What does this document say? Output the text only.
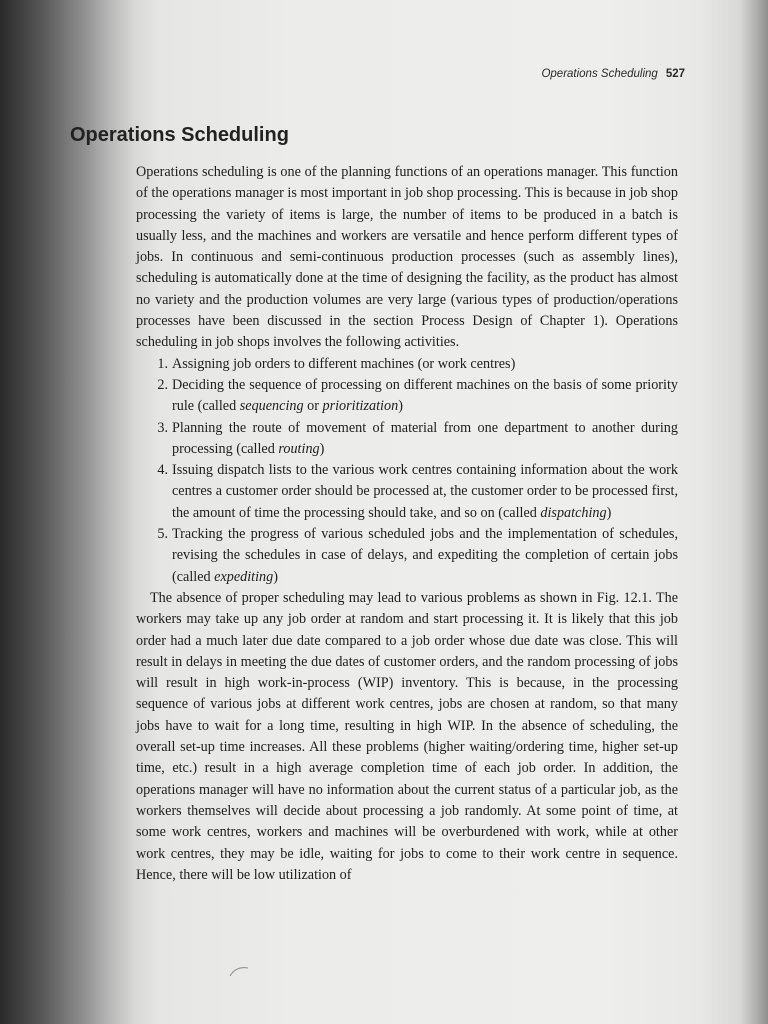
Operations Scheduling 527
Operations Scheduling

Operations scheduling is one of the planning functions of an operations manager. This function of the operations manager is most important in job shop processing. This is because in job shop processing the variety of items is large, the number of items to be produced in a batch is usually less, and the machines and workers are versatile and hence perform different types of jobs. In continuous and semi-continuous production processes (such as assembly lines), scheduling is automatically done at the time of designing the facility, as the product has almost no variety and the production volumes are very large (various types of production/operations processes have been discussed in the section Process Design of Chapter 1). Operations scheduling in job shops involves the following activities.

1. Assigning job orders to different machines (or work centres)
2. Deciding the sequence of processing on different machines on the basis of some priority rule (called sequencing or prioritization)
3. Planning the route of movement of material from one department to another during processing (called routing)
4. Issuing dispatch lists to the various work centres containing information about the work centres a customer order should be processed at, the customer order to be processed first, the amount of time the processing should take, and so on (called dispatching)
5. Tracking the progress of various scheduled jobs and the implementation of schedules, revising the schedules in case of delays, and expediting the completion of certain jobs (called expediting)

The absence of proper scheduling may lead to various problems as shown in Fig. 12.1. The workers may take up any job order at random and start processing it. It is likely that this job order had a much later due date compared to a job order whose due date was close. This will result in delays in meeting the due dates of customer orders, and the random processing of jobs will result in high work-in-process (WIP) inventory. This is because, in the processing sequence of various jobs at different work centres, jobs are chosen at random, so that many jobs have to wait for a long time, resulting in high WIP. In the absence of scheduling, the overall set-up time increases. All these problems (higher waiting/ordering time, higher set-up time, etc.) result in a high average completion time of each job order. In addition, the operations manager will have no information about the current status of a particular job, as the workers themselves will decide about processing a job randomly. At some point of time, at some work centres, workers and machines will be overburdened with work, while at other work centres, they may be idle, waiting for jobs to come to their work centre in sequence. Hence, there will be low utilization of
